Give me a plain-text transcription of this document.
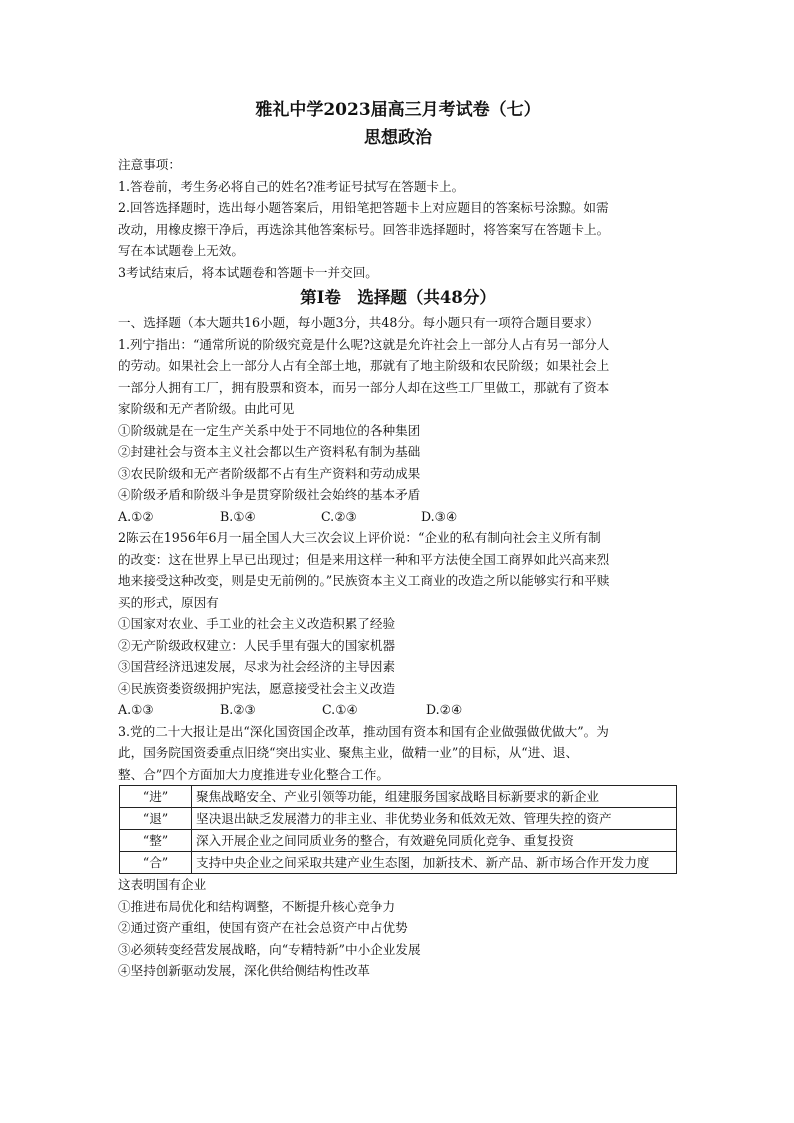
雅礼中学2023届高三月考试卷（七）
思想政治

注意事项：

1.答卷前，考生务必将自己的姓名?准考证号拭写在答题卡上。

2.回答选择题时，选出每小题答案后，用铅笔把答题卡上对应题目的答案标号涂黥。如需

改动，用橡皮擦干净后，再选涂其他答案标号。回答非选择题时，将答案写在答题卡上。

写在本试题卷上无效。

3考试结束后，将本试题卷和答题卡一并交回。

第Ⅰ卷　选择题（共48分）

一、选择题（本大题共16小题，每小题3分，共48分。每小题只有一项符合题目要求）

1.列宁指出：“通常所说的阶级究竟是什么呢?这就是允许社会上一部分人占有另一部分人

的劳动。如果社会上一部分人占有全部土地，那就有了地主阶级和农民阶级；如果社会上

一部分人拥有工厂，拥有股票和资本，而另一部分人却在这些工厂里做工，那就有了资本

家阶级和无产者阶级。由此可见

①阶级就是在一定生产关系中处于不同地位的各种集团

②封建社会与资本主义社会都以生产资料私有制为基础

③农民阶级和无产者阶级都不占有生产资料和劳动成果

④阶级矛盾和阶级斗争是贯穿阶级社会始终的基本矛盾

A.①②	B.①④	C.②③	D.③④

2陈云在1956年6月一届全国人大三次会议上评价说：“企业的私有制向社会主义所有制

的改变：这在世界上早已出现过；但是来用这样一种和平方法使全国工商界如此兴高来烈

地来接受这种改变，则是史无前例的。”民族资本主义工商业的改造之所以能够实行和平赎

买的形式，原因有

①国家对农业、手工业的社会主义改造积累了经验

②无产阶级政权建立：人民手里有强大的国家机器

③国营经济迅速发展，尽求为社会经济的主导因素

④民族资娄资级拥护宪法，愿意接受社会主义改造

A.①③	B.②③	C.①④	D.②④

3.党的二十大报让是出“深化国资国企改革，推动国有资本和国有企业做强做优做大”。为

此，国务院国资委重点旧绕“突出实业、聚焦主业，做精一业”的目标，从“进、退、

整、合”四个方面加大力度推进专业化整合工作。

“进”	聚焦战略安全、产业引领等功能，组建服务国家战略目标新要求的新企业
“退”	坚决退出缺乏发展潜力的非主业、非优势业务和低效无效、管理失控的资产
“整”	深入开展企业之间同质业务的整合，有效避免同质化竞争、重复投资
“合”	支持中央企业之间采取共建产业生态图，加新技术、新产品、新市场合作开发力度

这表明国有企业

①推进布局优化和结构调整，不断提升核心竞争力

②通过资产重组，使国有资产在社会总资产中占优势

③必须转变经营发展战略，向“专精特新”中小企业发展

④坚持创新驱动发展，深化供给侧结构性改革
